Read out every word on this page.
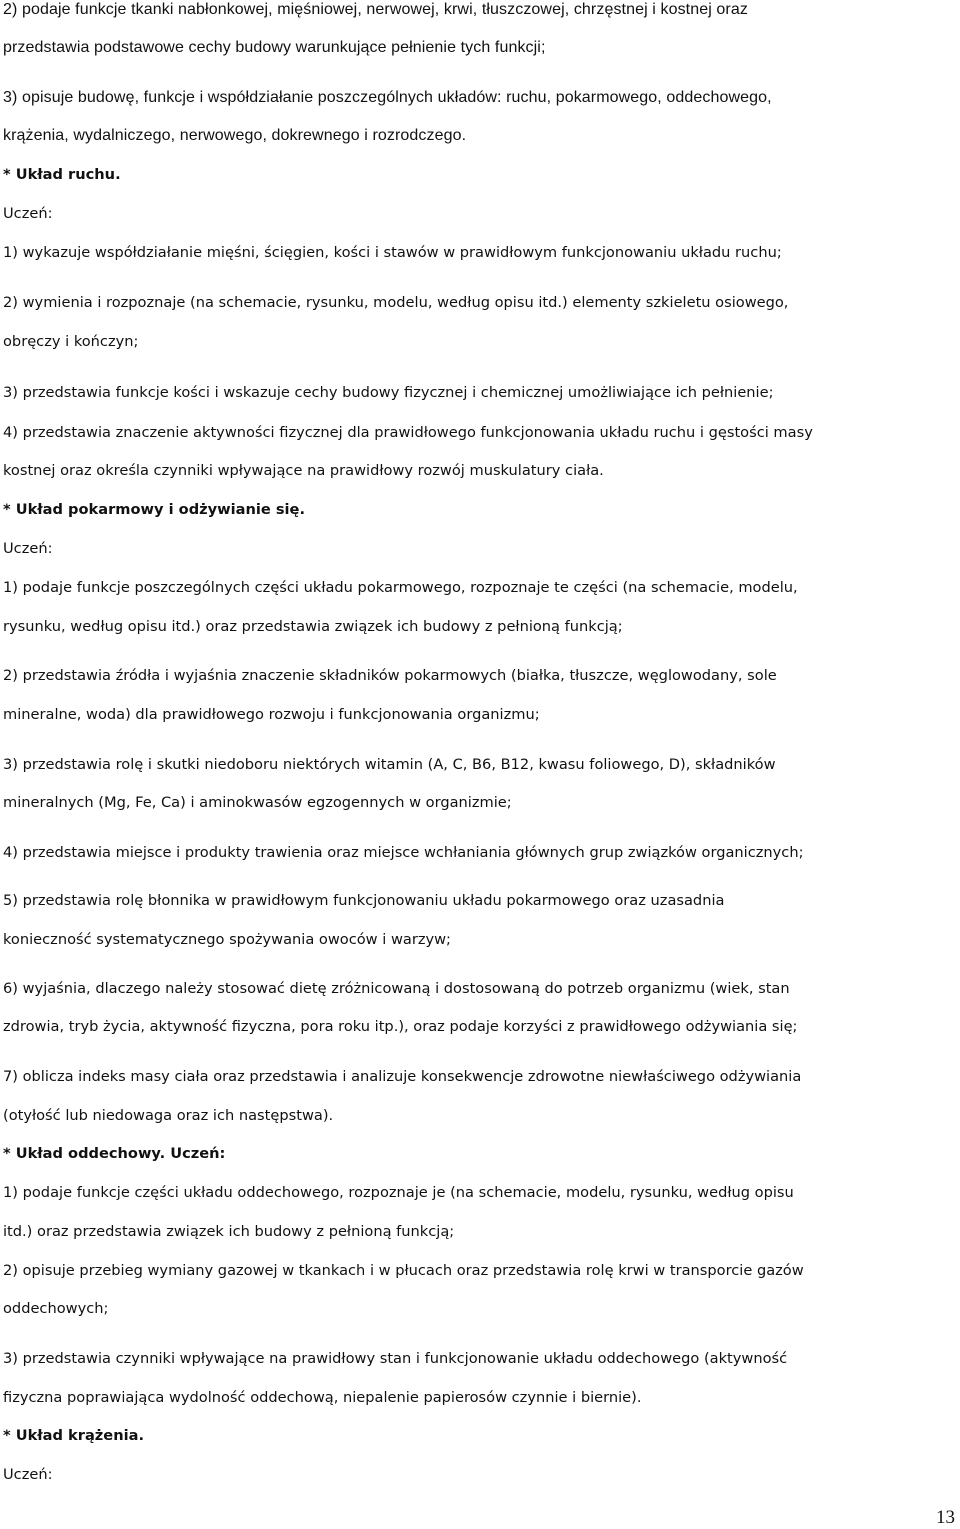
2) podaje funkcje tkanki nabłonkowej, mięśniowej, nerwowej, krwi, tłuszczowej, chrzęstnej i kostnej oraz
przedstawia podstawowe cechy budowy warunkujące pełnienie tych funkcji;
3) opisuje budowę, funkcje i współdziałanie poszczególnych układów: ruchu, pokarmowego, oddechowego,
krążenia, wydalniczego, nerwowego, dokrewnego i rozrodczego.
* Układ ruchu.
Uczeń:
1) wykazuje współdziałanie mięśni, ścięgien, kości i stawów w prawidłowym funkcjonowaniu układu ruchu;
2) wymienia i rozpoznaje (na schemacie, rysunku, modelu, według opisu itd.) elementy szkieletu osiowego,
obręczy i kończyn;
3) przedstawia funkcje kości i wskazuje cechy budowy fizycznej i chemicznej umożliwiające ich pełnienie;
4) przedstawia znaczenie aktywności fizycznej dla prawidłowego funkcjonowania układu ruchu i gęstości masy
kostnej oraz określa czynniki wpływające na prawidłowy rozwój muskulatury ciała.
* Układ pokarmowy i odżywianie się.
Uczeń:
1) podaje funkcje poszczególnych części układu pokarmowego, rozpoznaje te części (na schemacie, modelu,
rysunku, według opisu itd.) oraz przedstawia związek ich budowy z pełnioną funkcją;
2) przedstawia źródła i wyjaśnia znaczenie składników pokarmowych (białka, tłuszcze, węglowodany, sole
mineralne, woda) dla prawidłowego rozwoju i funkcjonowania organizmu;
3) przedstawia rolę i skutki niedoboru niektórych witamin (A, C, B6, B12, kwasu foliowego, D), składników
mineralnych (Mg, Fe, Ca) i aminokwasów egzogennych w organizmie;
4) przedstawia miejsce i produkty trawienia oraz miejsce wchłaniania głównych grup związków organicznych;
5) przedstawia rolę błonnika w prawidłowym funkcjonowaniu układu pokarmowego oraz uzasadnia
konieczność systematycznego spożywania owoców i warzyw;
6) wyjaśnia, dlaczego należy stosować dietę zróżnicowaną i dostosowaną do potrzeb organizmu (wiek, stan
zdrowia, tryb życia, aktywność fizyczna, pora roku itp.), oraz podaje korzyści z prawidłowego odżywiania się;
7) oblicza indeks masy ciała oraz przedstawia i analizuje konsekwencje zdrowotne niewłaściwego odżywiania
(otyłość lub niedowaga oraz ich następstwa).
* Układ oddechowy. Uczeń:
1) podaje funkcje części układu oddechowego, rozpoznaje je (na schemacie, modelu, rysunku, według opisu
itd.) oraz przedstawia związek ich budowy z pełnioną funkcją;
2) opisuje przebieg wymiany gazowej w tkankach i w płucach oraz przedstawia rolę krwi w transporcie gazów
oddechowych;
3) przedstawia czynniki wpływające na prawidłowy stan i funkcjonowanie układu oddechowego (aktywność
fizyczna poprawiająca wydolność oddechową, niepalenie papierosów czynnie i biernie).
* Układ krążenia.
Uczeń:
13
